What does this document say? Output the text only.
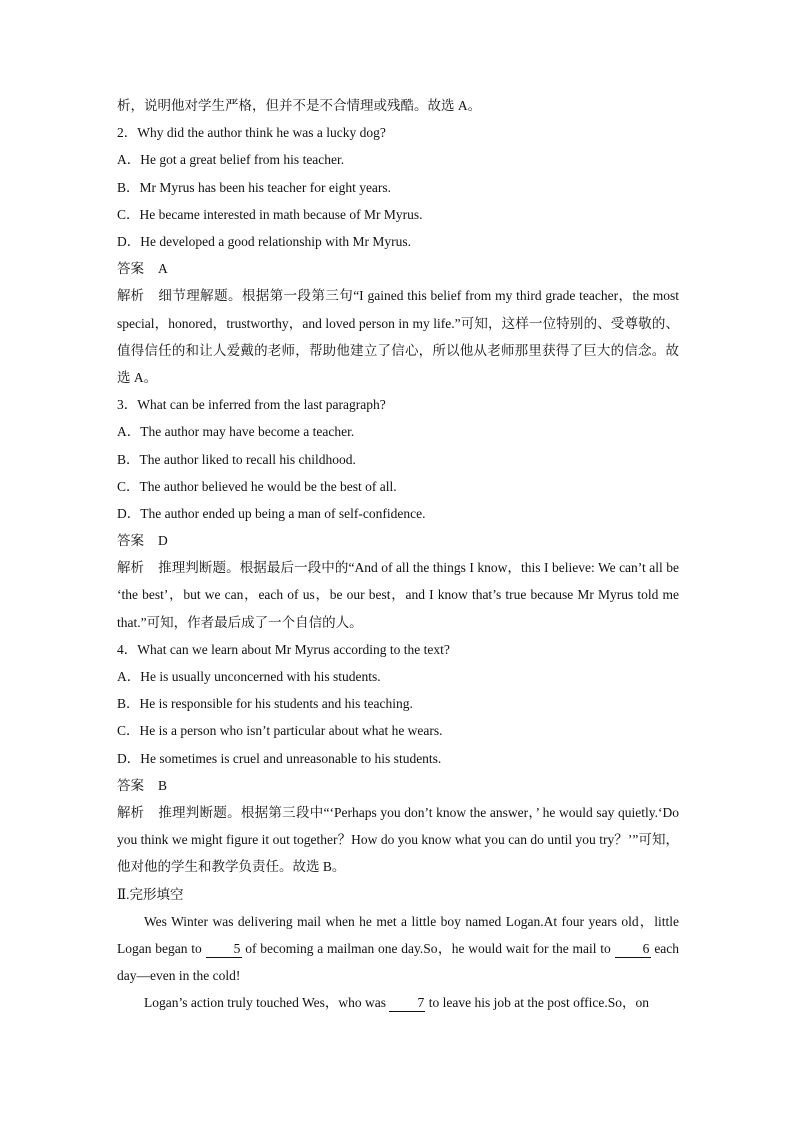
析，说明他对学生严格，但并不是不合情理或残酷。故选 A。
2．Why did the author think he was a lucky dog?
A．He got a great belief from his teacher.
B．Mr Myrus has been his teacher for eight years.
C．He became interested in math because of Mr Myrus.
D．He developed a good relationship with Mr Myrus.
答案 A
解析 细节理解题。根据第一段第三句“I gained this belief from my third grade teacher，the most special，honored，trustworthy，and loved person in my life.”可知，这样一位特别的、受尊敬的、值得信任的和让人爱戴的老师，帮助他建立了信心，所以他从老师那里获得了巨大的信念。故选 A。
3．What can be inferred from the last paragraph?
A．The author may have become a teacher.
B．The author liked to recall his childhood.
C．The author believed he would be the best of all.
D．The author ended up being a man of self-confidence.
答案 D
解析 推理判断题。根据最后一段中的“And of all the things I know，this I believe: We can’t all be ‘the best’，but we can，each of us，be our best，and I know that’s true because Mr Myrus told me that.”可知，作者最后成了一个自信的人。
4．What can we learn about Mr Myrus according to the text?
A．He is usually unconcerned with his students.
B．He is responsible for his students and his teaching.
C．He is a person who isn’t particular about what he wears.
D．He sometimes is cruel and unreasonable to his students.
答案 B
解析 推理判断题。根据第三段中“‘Perhaps you don’t know the answer，’ he would say quietly.‘Do you think we might figure it out together？How do you know what you can do until you try？’”可知，他对他的学生和教学负责任。故选 B。
Ⅱ.完形填空
Wes Winter was delivering mail when he met a little boy named Logan.At four years old，little Logan began to 5 of becoming a mailman one day.So，he would wait for the mail to 6 each day—even in the cold!
Logan’s action truly touched Wes，who was 7 to leave his job at the post office.So，on
